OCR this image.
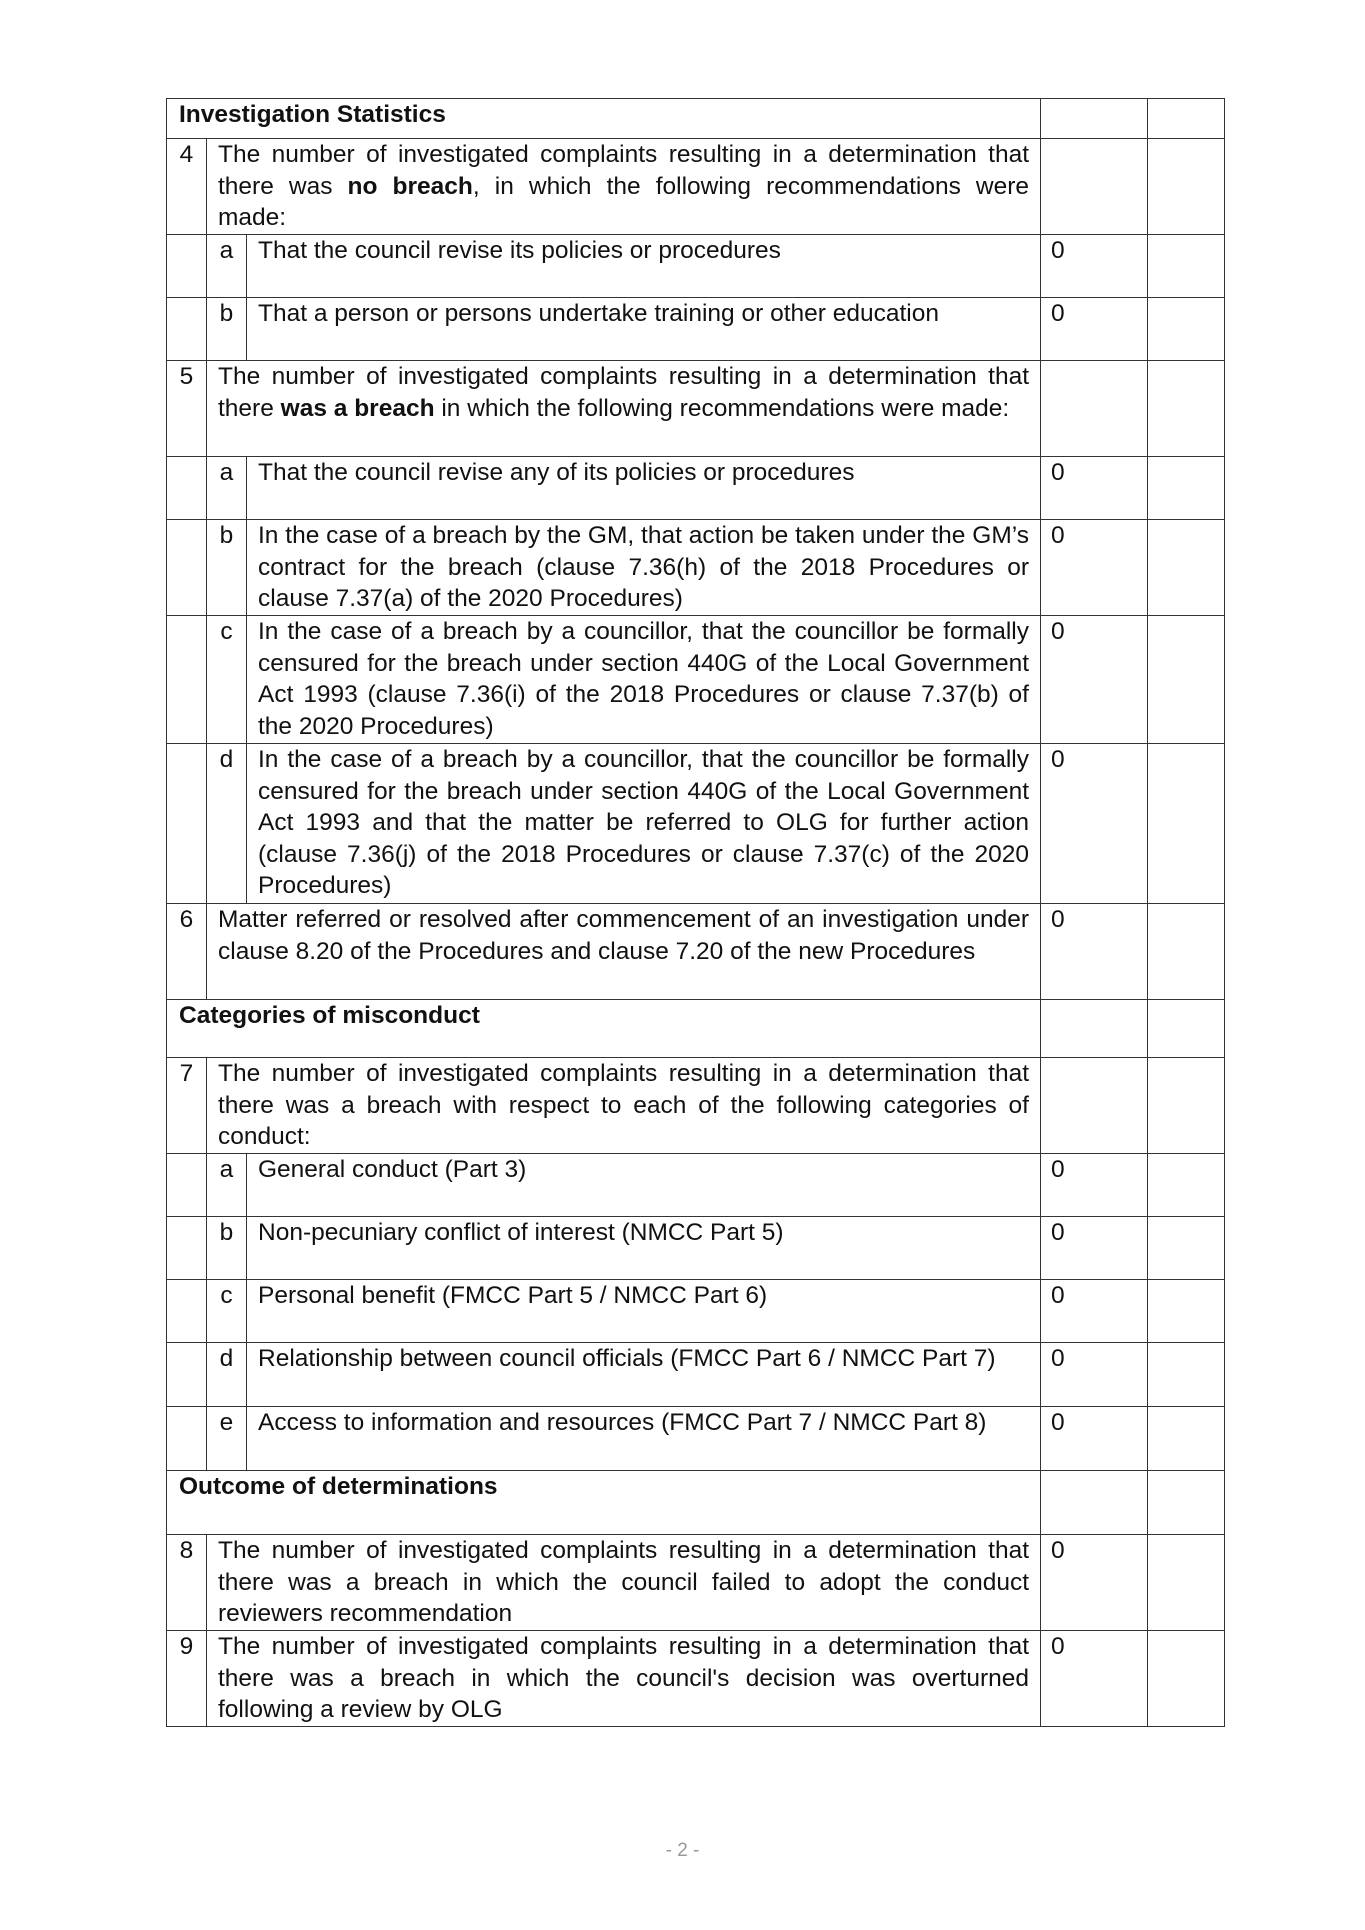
Investigation Statistics				
4	The number of investigated complaints resulting in a determination that there was no breach, in which the following recommendations were made:			
	a	That the council revise its policies or procedures	0	
	b	That a person or persons undertake training or other education	0	
5	The number of investigated complaints resulting in a determination that there was a breach in which the following recommendations were made:			
	a	That the council revise any of its policies or procedures	0	
	b	In the case of a breach by the GM, that action be taken under the GM’s contract for the breach (clause 7.36(h) of the 2018 Procedures or clause 7.37(a) of the 2020 Procedures)	0	
	c	In the case of a breach by a councillor, that the councillor be formally censured for the breach under section 440G of the Local Government Act 1993 (clause 7.36(i) of the 2018 Procedures or clause 7.37(b) of the 2020 Procedures)	0	
	d	In the case of a breach by a councillor, that the councillor be formally censured for the breach under section 440G of the Local Government Act 1993 and that the matter be referred to OLG for further action (clause 7.36(j) of the 2018 Procedures or clause 7.37(c) of the 2020 Procedures)	0	
6	Matter referred or resolved after commencement of an investigation under clause 8.20 of the Procedures and clause 7.20 of the new Procedures		0	
Categories of misconduct				
7	The number of investigated complaints resulting in a determination that there was a breach with respect to each of the following categories of conduct:			
	a	General conduct (Part 3)	0	
	b	Non-pecuniary conflict of interest (NMCC Part 5)	0	
	c	Personal benefit (FMCC Part 5 / NMCC Part 6)	0	
	d	Relationship between council officials (FMCC Part 6 / NMCC Part 7)	0	
	e	Access to information and resources (FMCC Part 7 / NMCC Part 8)	0	
Outcome of determinations				
8	The number of investigated complaints resulting in a determination that there was a breach in which the council failed to adopt the conduct reviewers recommendation		0	
9	The number of investigated complaints resulting in a determination that there was a breach in which the council's decision was overturned following a review by OLG		0	
- 2 -
